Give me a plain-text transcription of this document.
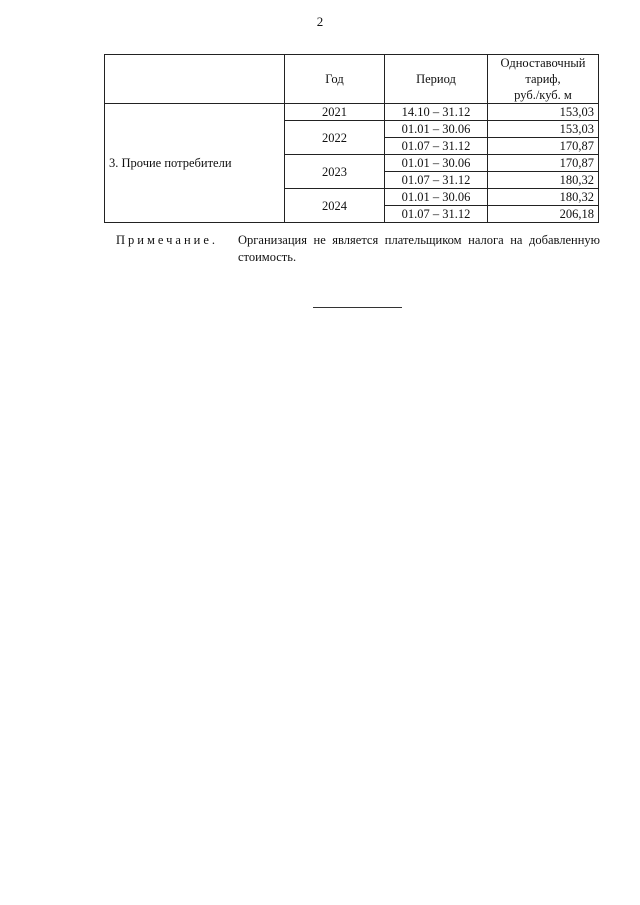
2
	Год	Период	Одноставочный
тариф,
руб./куб. м

3. Прочие потребители	2021	14.10 – 31.12	153,03
	2022	01.01 – 30.06	153,03
		01.07 – 31.12	170,87
	2023	01.01 – 30.06	170,87
		01.07 – 31.12	180,32
	2024	01.01 – 30.06	180,32
		01.07 – 31.12	206,18
Примечание. Организация не является плательщиком налога на добавленную стоимость.
